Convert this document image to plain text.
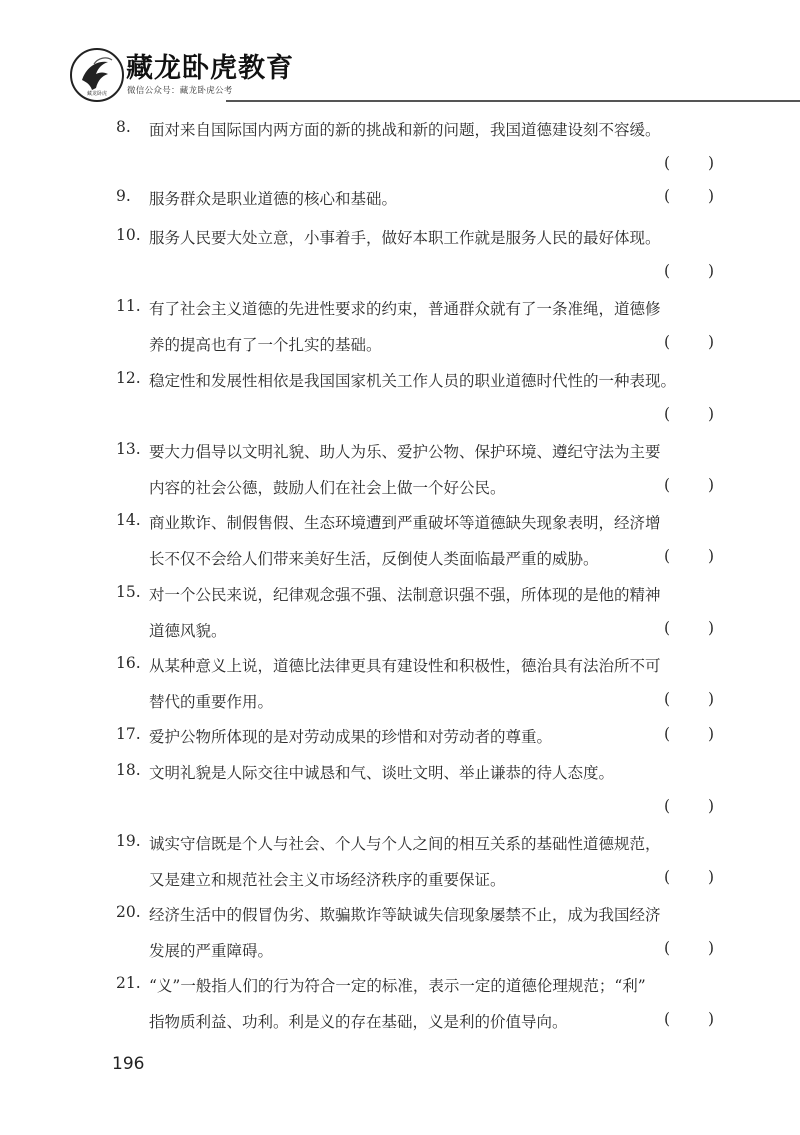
藏龙卧虎
藏龙卧虎教育
微信公众号：藏龙卧虎公考
8. 面对来自国际国内两方面的新的挑战和新的问题，我国道德建设刻不容缓。
( )
9. 服务群众是职业道德的核心和基础。	( )
10. 服务人民要大处立意，小事着手，做好本职工作就是服务人民的最好体现。
( )
11. 有了社会主义道德的先进性要求的约束，普通群众就有了一条准绳，道德修
养的提高也有了一个扎实的基础。	( )
12. 稳定性和发展性相依是我国国家机关工作人员的职业道德时代性的一种表现。
( )
13. 要大力倡导以文明礼貌、助人为乐、爱护公物、保护环境、遵纪守法为主要
内容的社会公德，鼓励人们在社会上做一个好公民。	( )
14. 商业欺诈、制假售假、生态环境遭到严重破坏等道德缺失现象表明，经济增
长不仅不会给人们带来美好生活，反倒使人类面临最严重的威胁。	( )
15. 对一个公民来说，纪律观念强不强、法制意识强不强，所体现的是他的精神
道德风貌。	( )
16. 从某种意义上说，道德比法律更具有建设性和积极性，德治具有法治所不可
替代的重要作用。	( )
17. 爱护公物所体现的是对劳动成果的珍惜和对劳动者的尊重。	( )
18. 文明礼貌是人际交往中诚恳和气、谈吐文明、举止谦恭的待人态度。
( )
19. 诚实守信既是个人与社会、个人与个人之间的相互关系的基础性道德规范，
又是建立和规范社会主义市场经济秩序的重要保证。	( )
20. 经济生活中的假冒伪劣、欺骗欺诈等缺诚失信现象屡禁不止，成为我国经济
发展的严重障碍。	( )
21. “义”一般指人们的行为符合一定的标准，表示一定的道德伦理规范；“利”
指物质利益、功利。利是义的存在基础，义是利的价值导向。	( )
196
